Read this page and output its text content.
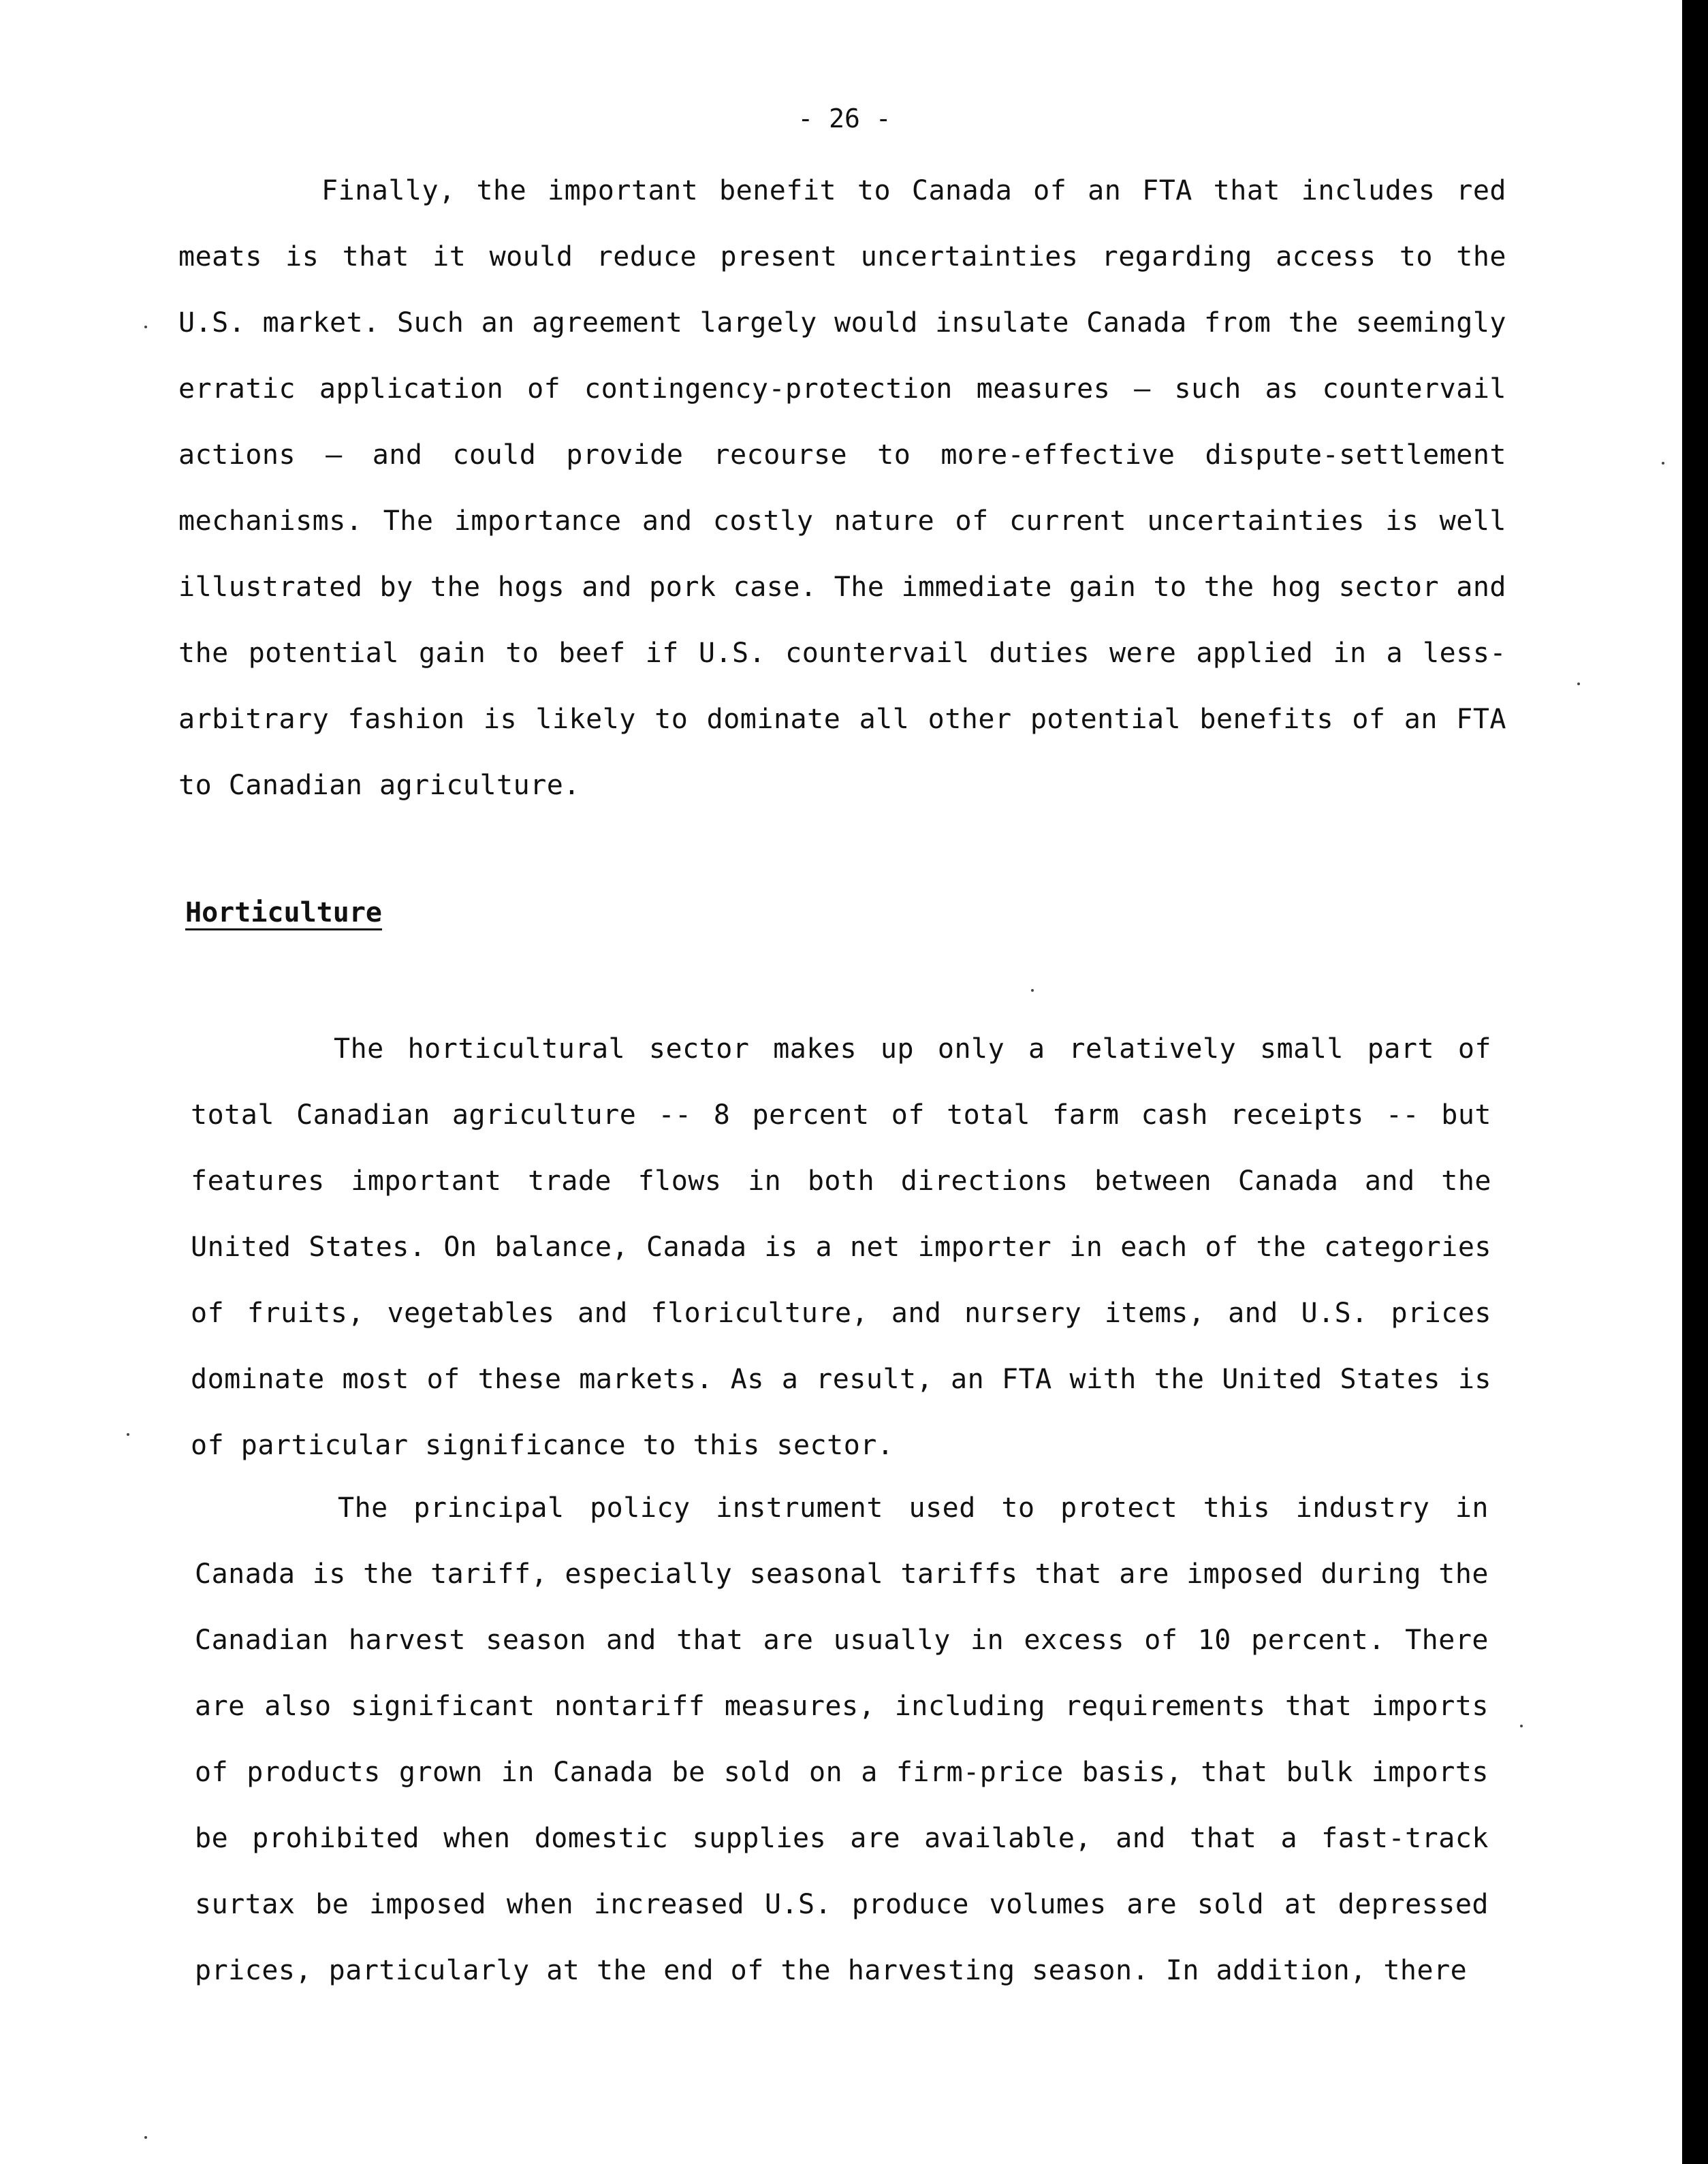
- 26 -

Finally, the important benefit to Canada of an FTA that includes red meats is that it would reduce present uncertainties regarding access to the U.S. market. Such an agreement largely would insulate Canada from the seemingly erratic application of contingency-protection measures — such as countervail actions — and could provide recourse to more-effective dispute-settlement mechanisms. The importance and costly nature of current uncertainties is well illustrated by the hogs and pork case. The immediate gain to the hog sector and the potential gain to beef if U.S. countervail duties were applied in a less-arbitrary fashion is likely to dominate all other potential benefits of an FTA to Canadian agriculture.

Horticulture

The horticultural sector makes up only a relatively small part of total Canadian agriculture -- 8 percent of total farm cash receipts -- but features important trade flows in both directions between Canada and the United States. On balance, Canada is a net importer in each of the categories of fruits, vegetables and floriculture, and nursery items, and U.S. prices dominate most of these markets. As a result, an FTA with the United States is of particular significance to this sector.

The principal policy instrument used to protect this industry in Canada is the tariff, especially seasonal tariffs that are imposed during the Canadian harvest season and that are usually in excess of 10 percent. There are also significant nontariff measures, including requirements that imports of products grown in Canada be sold on a firm-price basis, that bulk imports be prohibited when domestic supplies are available, and that a fast-track surtax be imposed when increased U.S. produce volumes are sold at depressed prices, particularly at the end of the harvesting season. In addition, there
